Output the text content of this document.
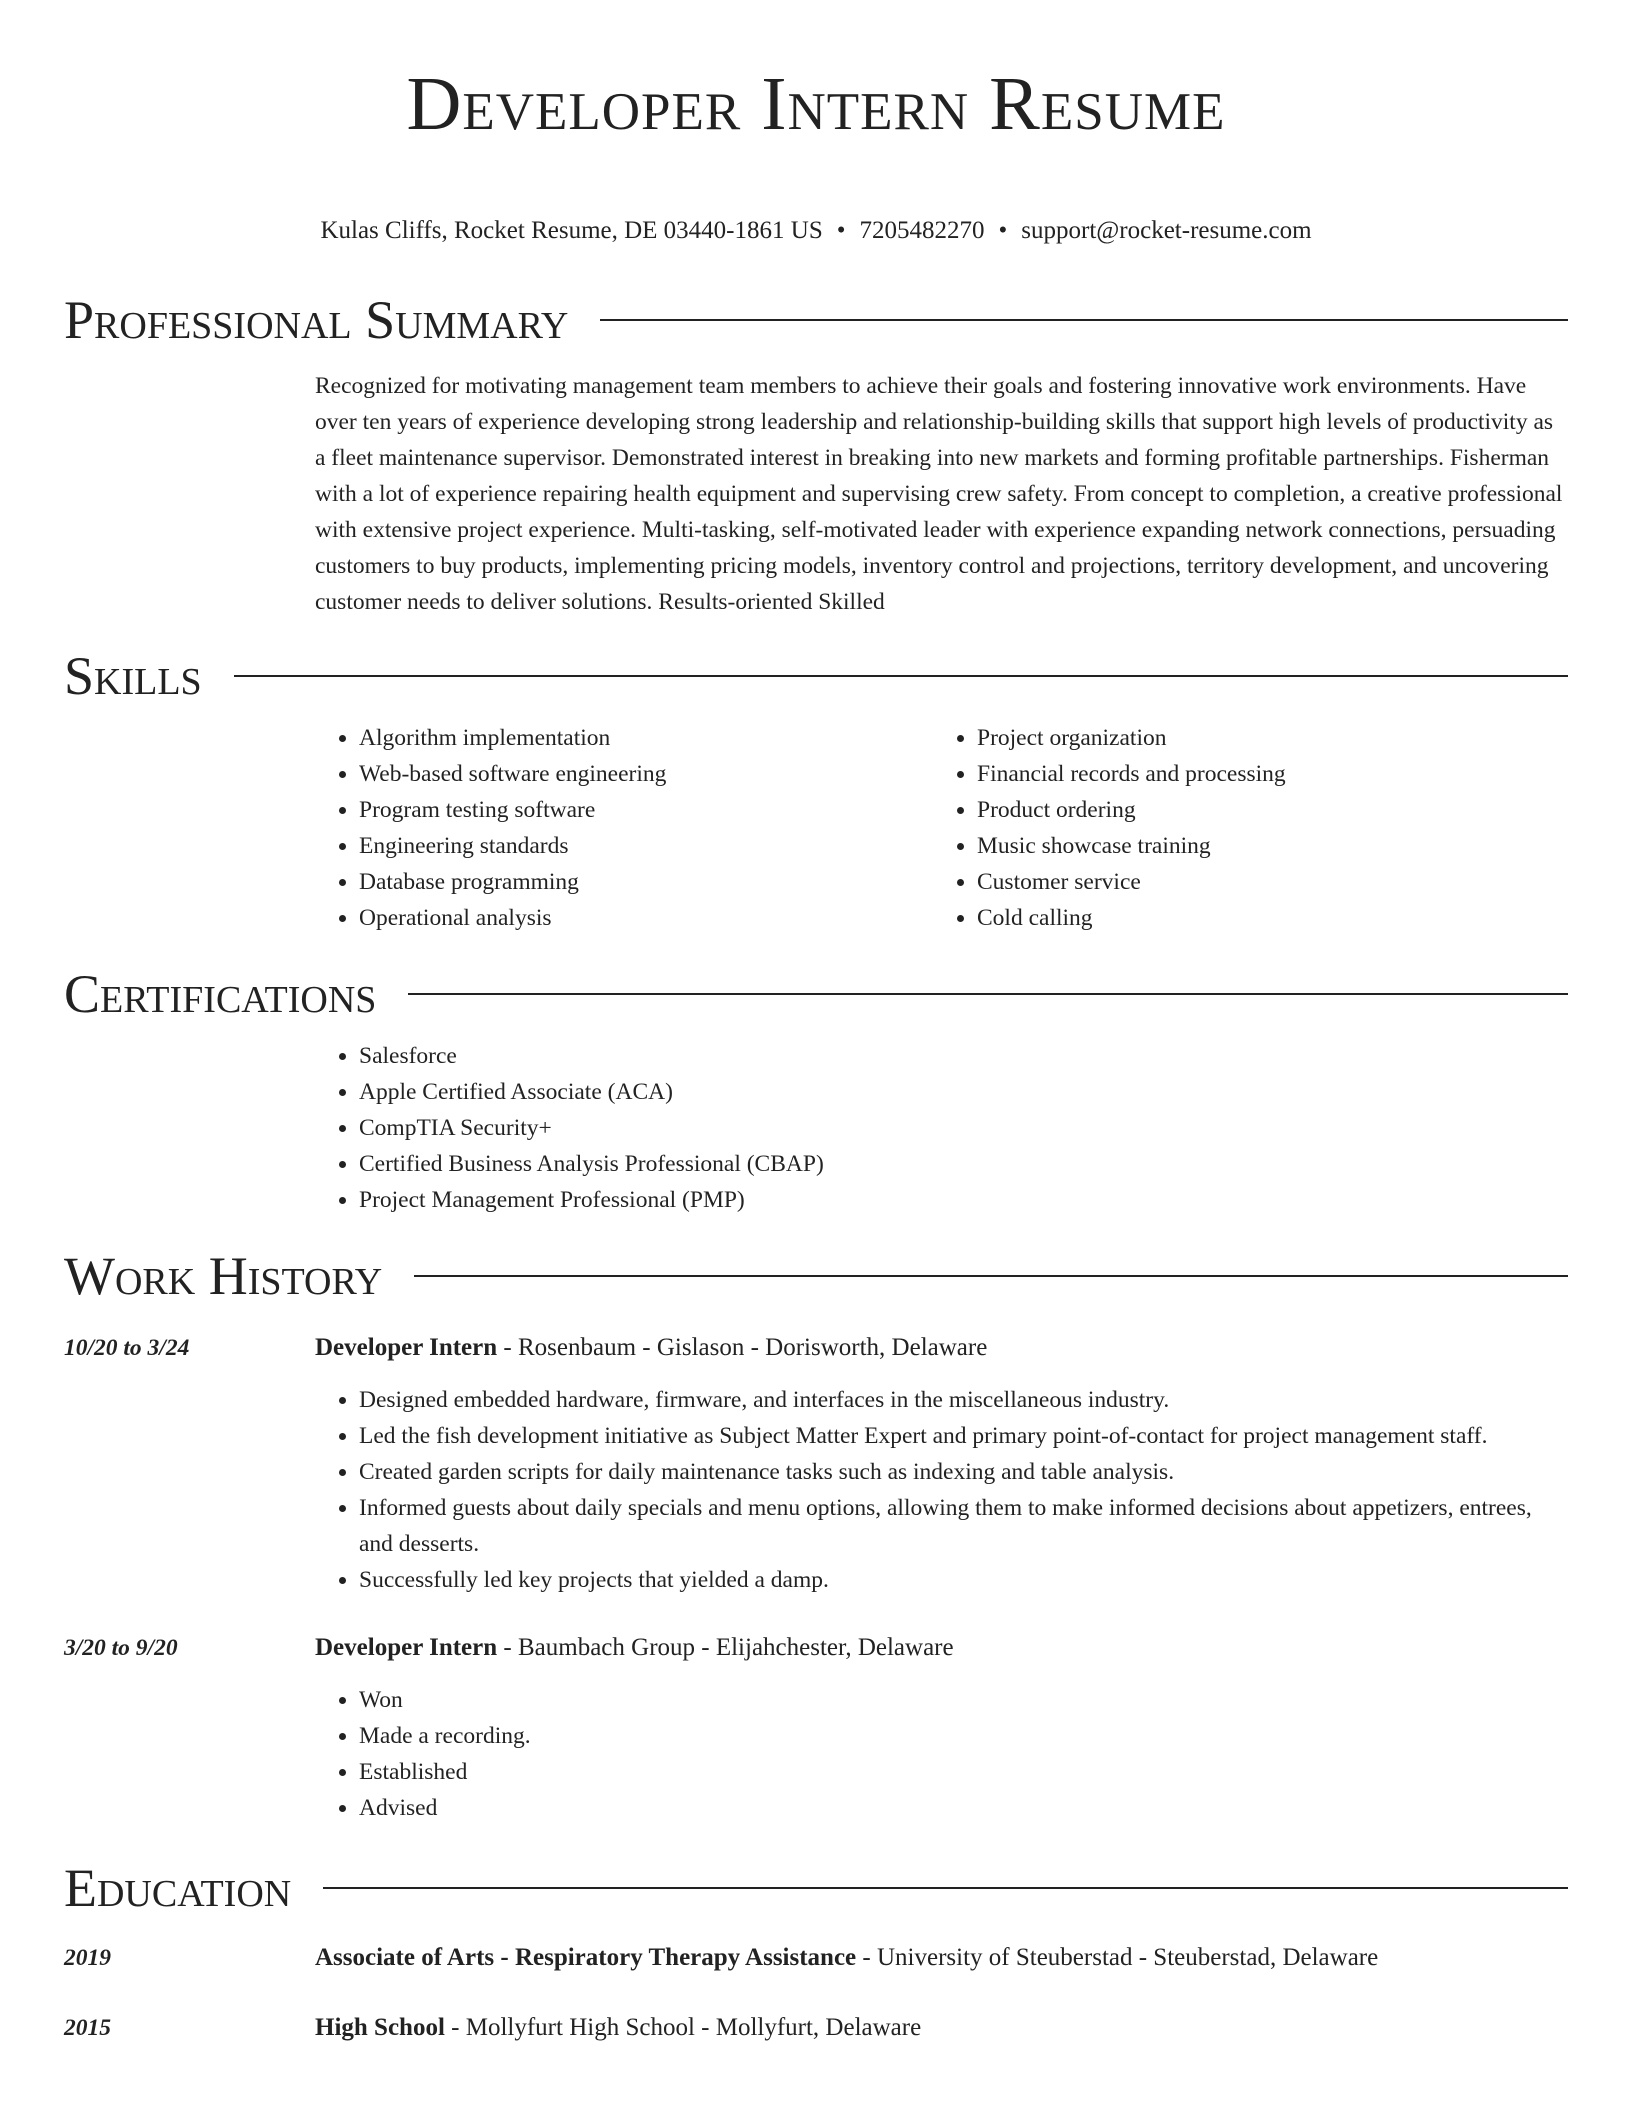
Developer Intern Resume
Kulas Cliffs, Rocket Resume, DE 03440-1861 US • 7205482270 • support@rocket-resume.com
Professional Summary

Recognized for motivating management team members to achieve their goals and fostering innovative work environments. Have over ten years of experience developing strong leadership and relationship-building skills that support high levels of productivity as a fleet maintenance supervisor. Demonstrated interest in breaking into new markets and forming profitable partnerships. Fisherman with a lot of experience repairing health equipment and supervising crew safety. From concept to completion, a creative professional with extensive project experience. Multi-tasking, self-motivated leader with experience expanding network connections, persuading customers to buy products, implementing pricing models, inventory control and projections, territory development, and uncovering customer needs to deliver solutions. Results-oriented Skilled

Skills
• Algorithm implementation
• Web-based software engineering
• Program testing software
• Engineering standards
• Database programming
• Operational analysis
• Project organization
• Financial records and processing
• Product ordering
• Music showcase training
• Customer service
• Cold calling
Certifications
• Salesforce
• Apple Certified Associate (ACA)
• CompTIA Security+
• Certified Business Analysis Professional (CBAP)
• Project Management Professional (PMP)
Work History
10/20 to 3/24	Developer Intern - Rosenbaum - Gislason - Dorisworth, Delaware
• Designed embedded hardware, firmware, and interfaces in the miscellaneous industry.
• Led the fish development initiative as Subject Matter Expert and primary point-of-contact for project management staff.
• Created garden scripts for daily maintenance tasks such as indexing and table analysis.
• Informed guests about daily specials and menu options, allowing them to make informed decisions about appetizers, entrees, and desserts.
• Successfully led key projects that yielded a damp.
3/20 to 9/20	Developer Intern - Baumbach Group - Elijahchester, Delaware
• Won
• Made a recording.
• Established
• Advised
Education
2019	Associate of Arts - Respiratory Therapy Assistance - University of Steuberstad - Steuberstad, Delaware
2015	High School - Mollyfurt High School - Mollyfurt, Delaware
